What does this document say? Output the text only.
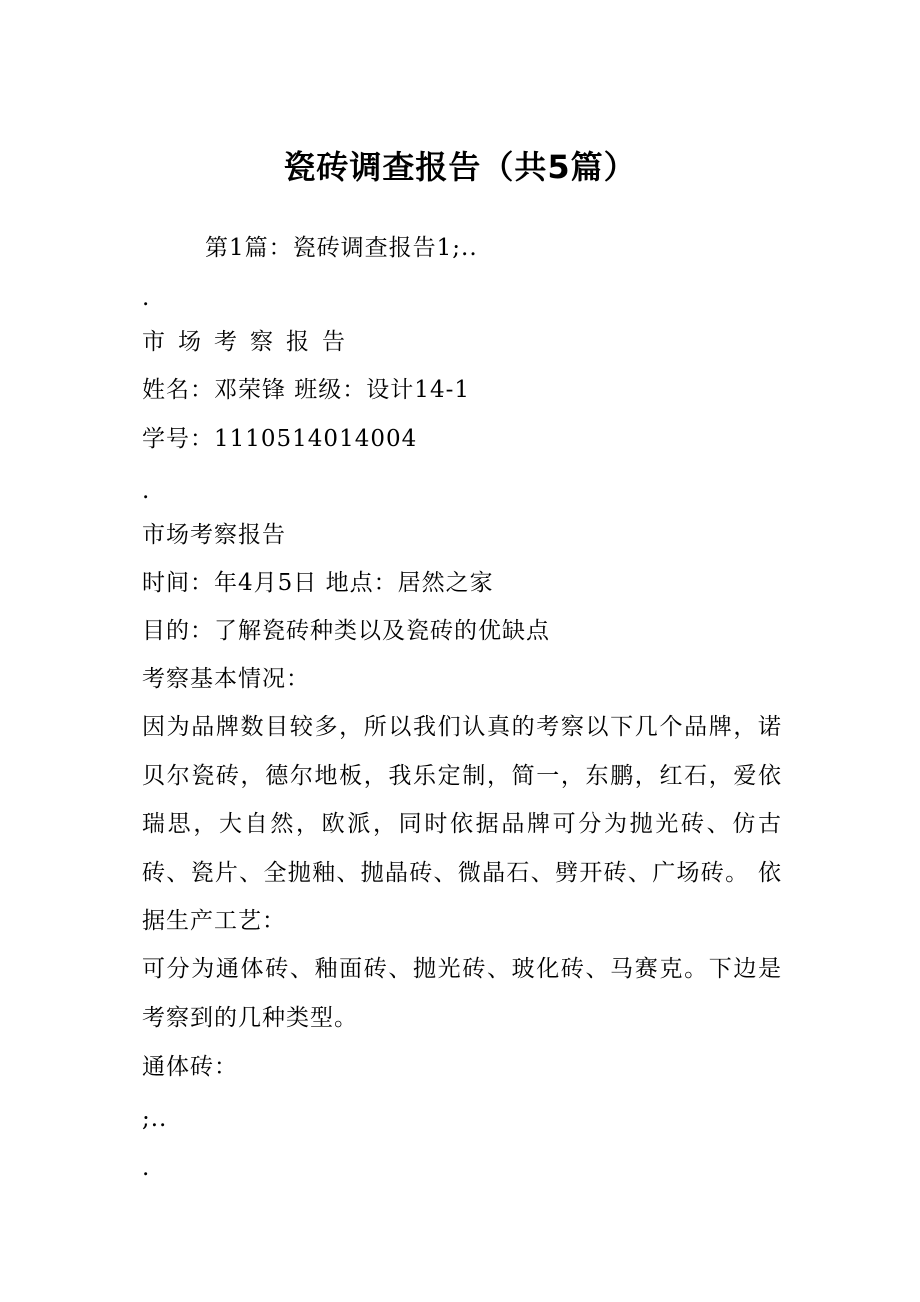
瓷砖调查报告（共5篇）
第1篇：瓷砖调查报告1;..
.
市场考察报告
姓名：邓荣锋 班级：设计14-1
学号：1110514014004
.
市场考察报告
时间：年4月5日 地点：居然之家
目的：了解瓷砖种类以及瓷砖的优缺点
考察基本情况：
因为品牌数目较多，所以我们认真的考察以下几个品牌，诺贝尔瓷砖，德尔地板，我乐定制，简一，东鹏，红石，爱依瑞思，大自然，欧派，同时依据品牌可分为抛光砖、仿古砖、瓷片、全抛釉、抛晶砖、微晶石、劈开砖、广场砖。 依据生产工艺：
可分为通体砖、釉面砖、抛光砖、玻化砖、马赛克。下边是考察到的几种类型。
通体砖：
;..
.
